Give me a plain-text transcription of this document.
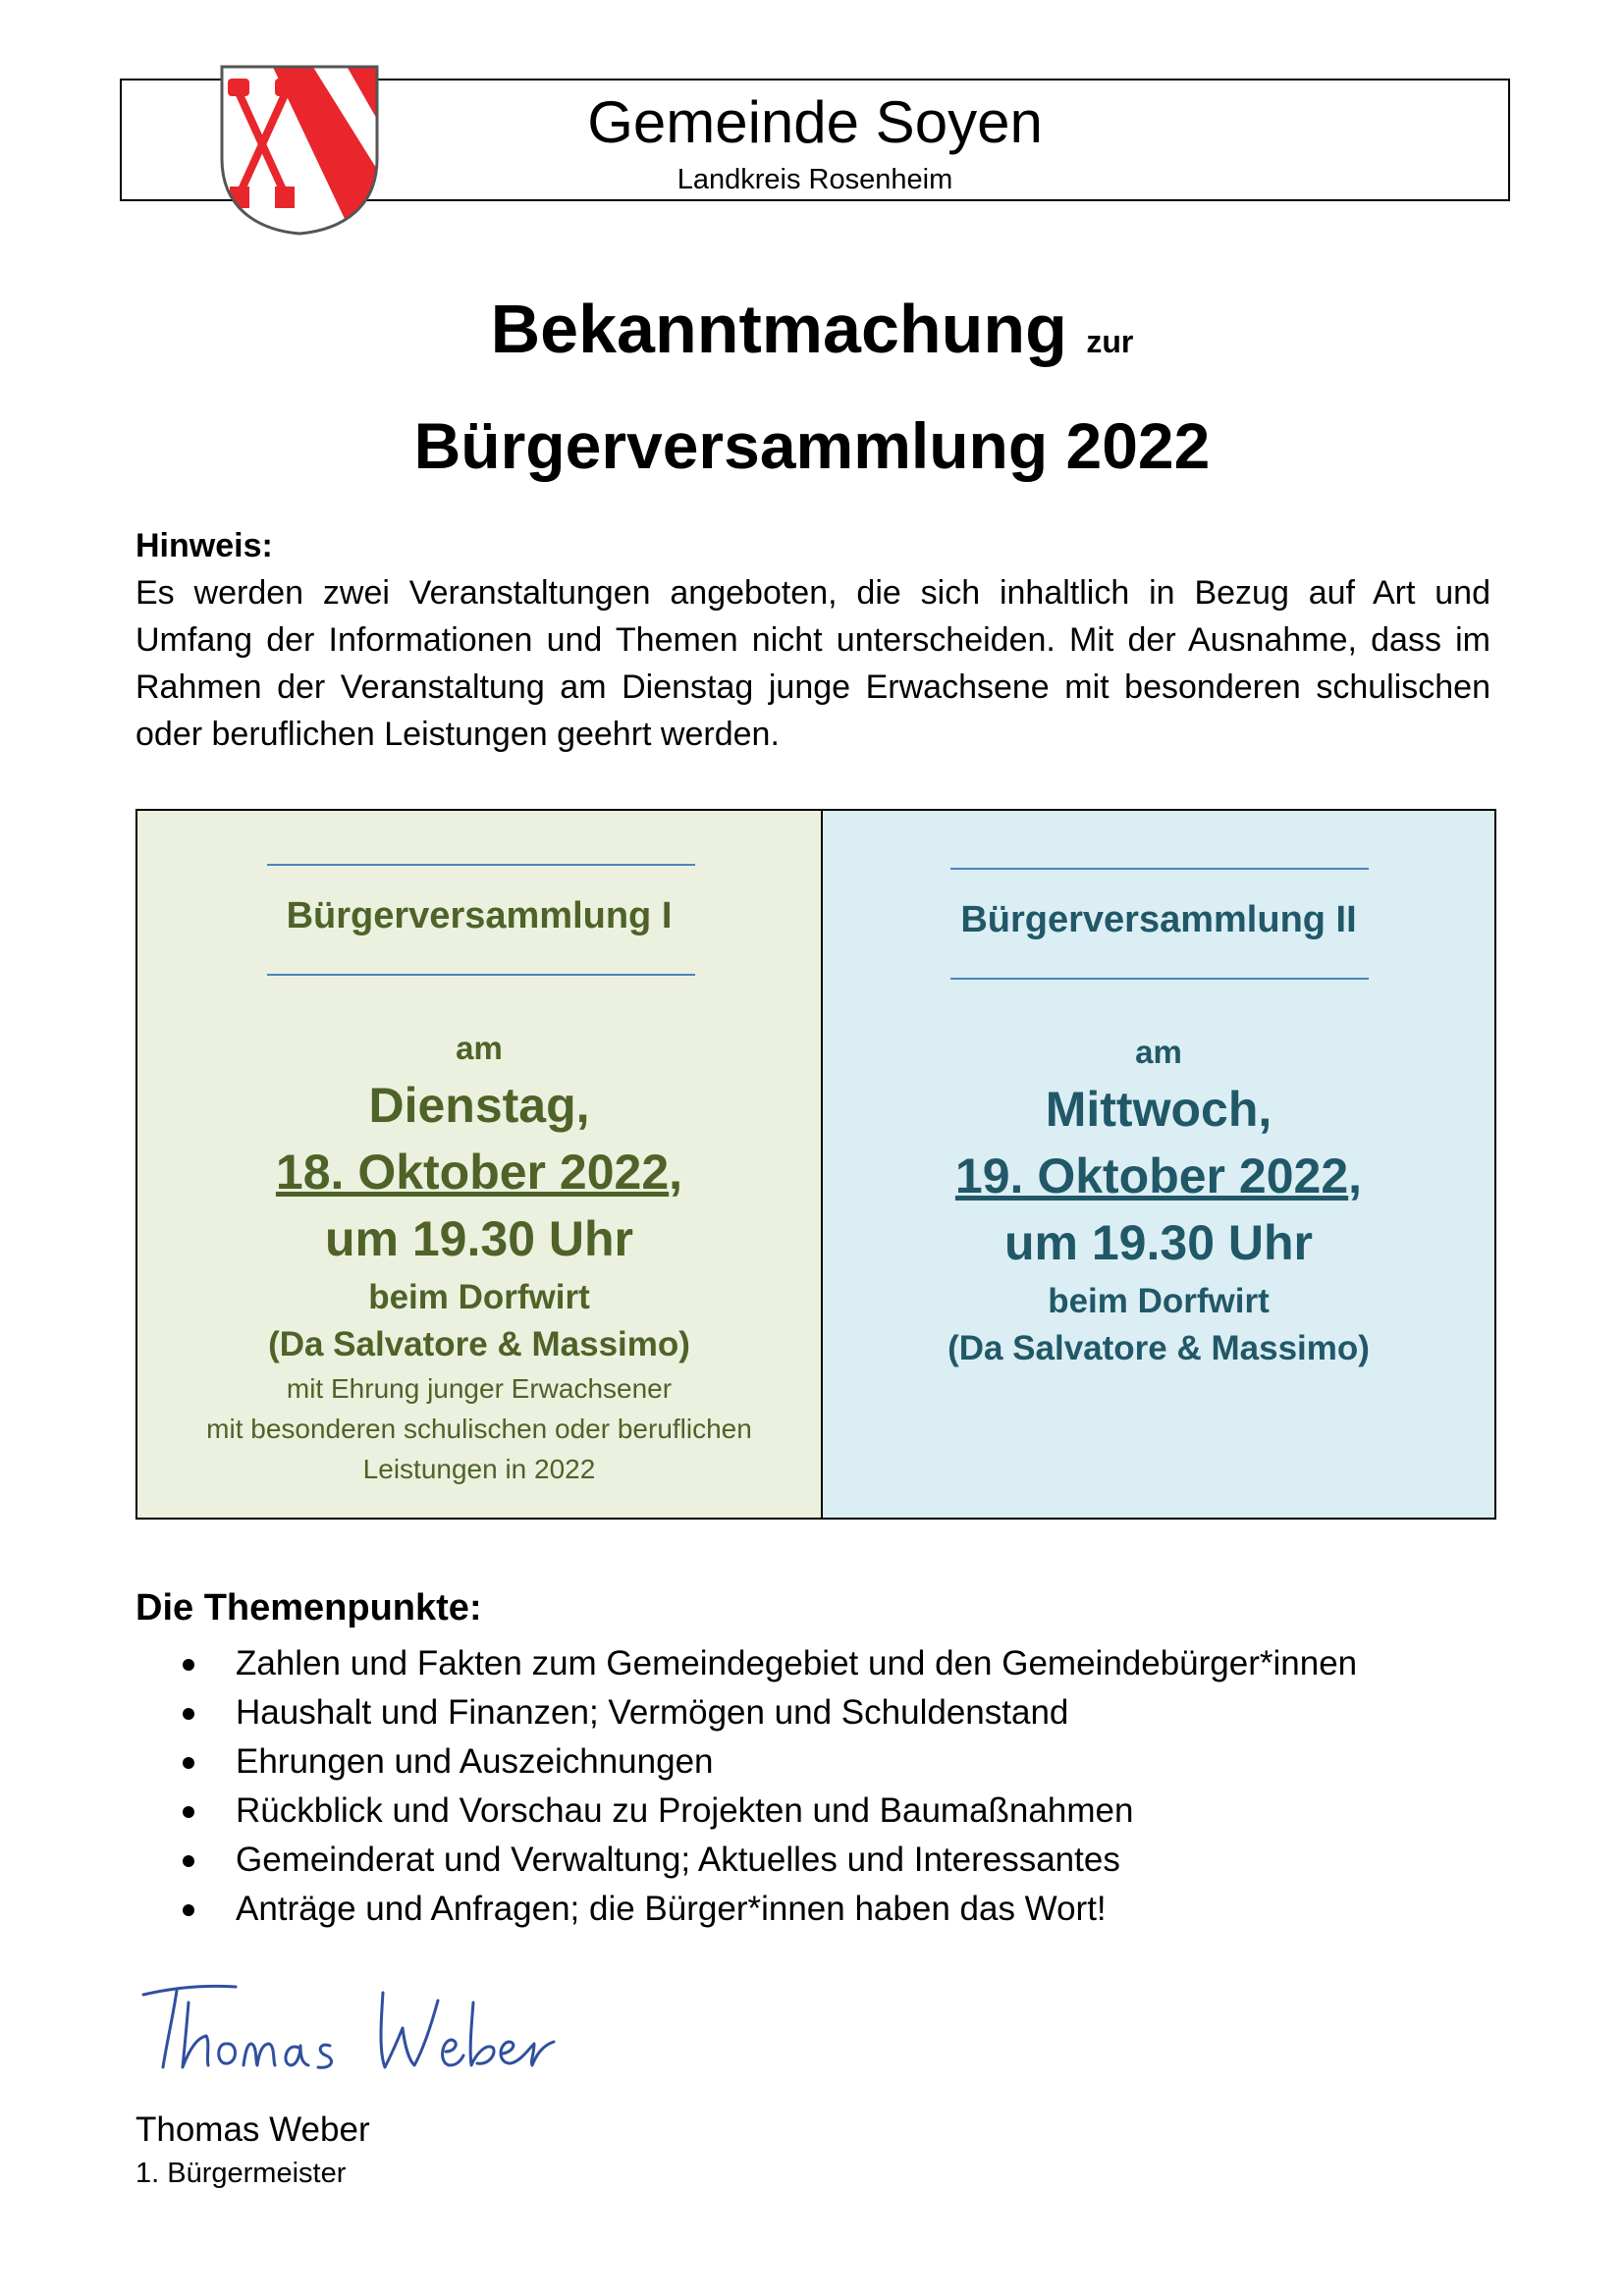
Gemeinde Soyen
Landkreis Rosenheim
Bekanntmachung zur
Bürgerversammlung 2022
Hinweis:
Es werden zwei Veranstaltungen angeboten, die sich inhaltlich in Bezug auf Art und Umfang der Informationen und Themen nicht unterscheiden. Mit der Ausnahme, dass im Rahmen der Veranstaltung am Dienstag junge Erwachsene mit besonderen schulischen oder beruflichen Leistungen geehrt werden.
Bürgerversammlung I
am
Dienstag,
18. Oktober 2022,
um 19.30 Uhr
beim Dorfwirt
(Da Salvatore & Massimo)
mit Ehrung junger Erwachsener
mit besonderen schulischen oder beruflichen
Leistungen in 2022
Bürgerversammlung II
am
Mittwoch,
19. Oktober 2022,
um 19.30 Uhr
beim Dorfwirt
(Da Salvatore & Massimo)
Die Themenpunkte:
Zahlen und Fakten zum Gemeindegebiet und den Gemeindebürger*innen
Haushalt und Finanzen; Vermögen und Schuldenstand
Ehrungen und Auszeichnungen
Rückblick und Vorschau zu Projekten und Baumaßnahmen
Gemeinderat und Verwaltung; Aktuelles und Interessantes
Anträge und Anfragen; die Bürger*innen haben das Wort!
Thomas Weber
1. Bürgermeister
